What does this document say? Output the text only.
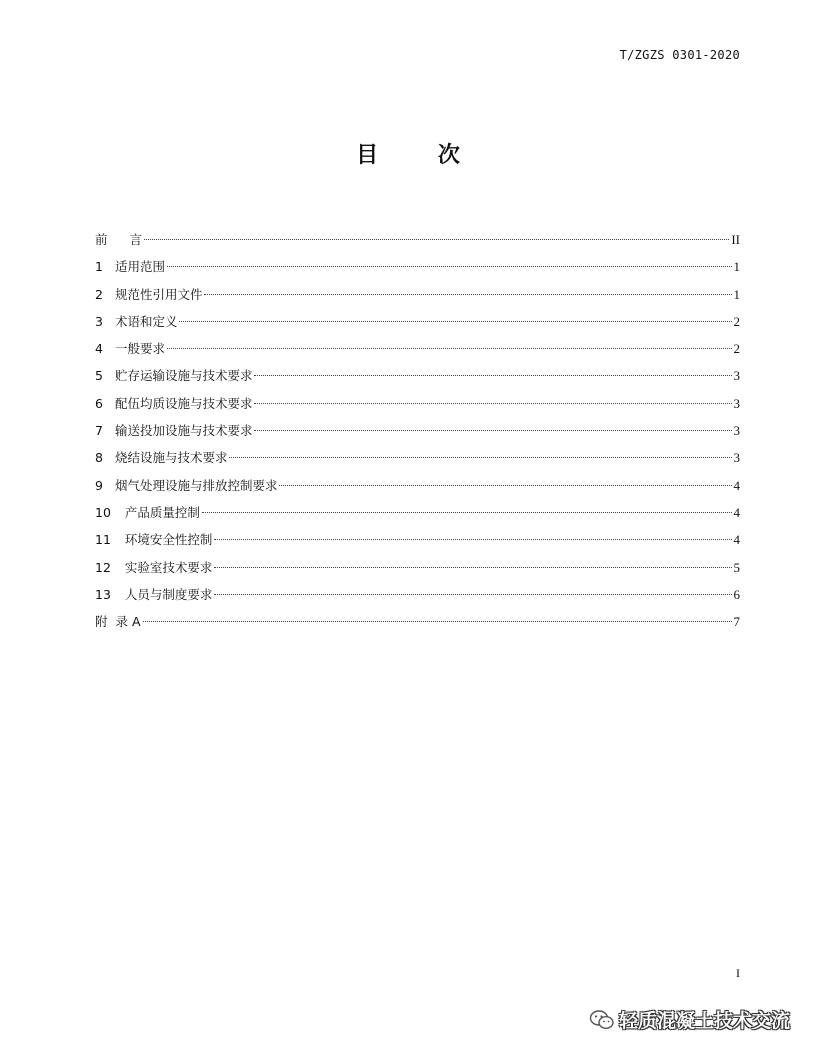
T/ZGZS 0301-2020
目 次
前 言	II
1 适用范围	1
2 规范性引用文件	1
3 术语和定义	2
4 一般要求	2
5 贮存运输设施与技术要求	3
6 配伍均质设施与技术要求	3
7 输送投加设施与技术要求	3
8 烧结设施与技术要求	3
9 烟气处理设施与排放控制要求	4
10 产品质量控制	4
11 环境安全性控制	4
12 实验室技术要求	5
13 人员与制度要求	6
附 录 A	7
I
轻质混凝土技术交流
